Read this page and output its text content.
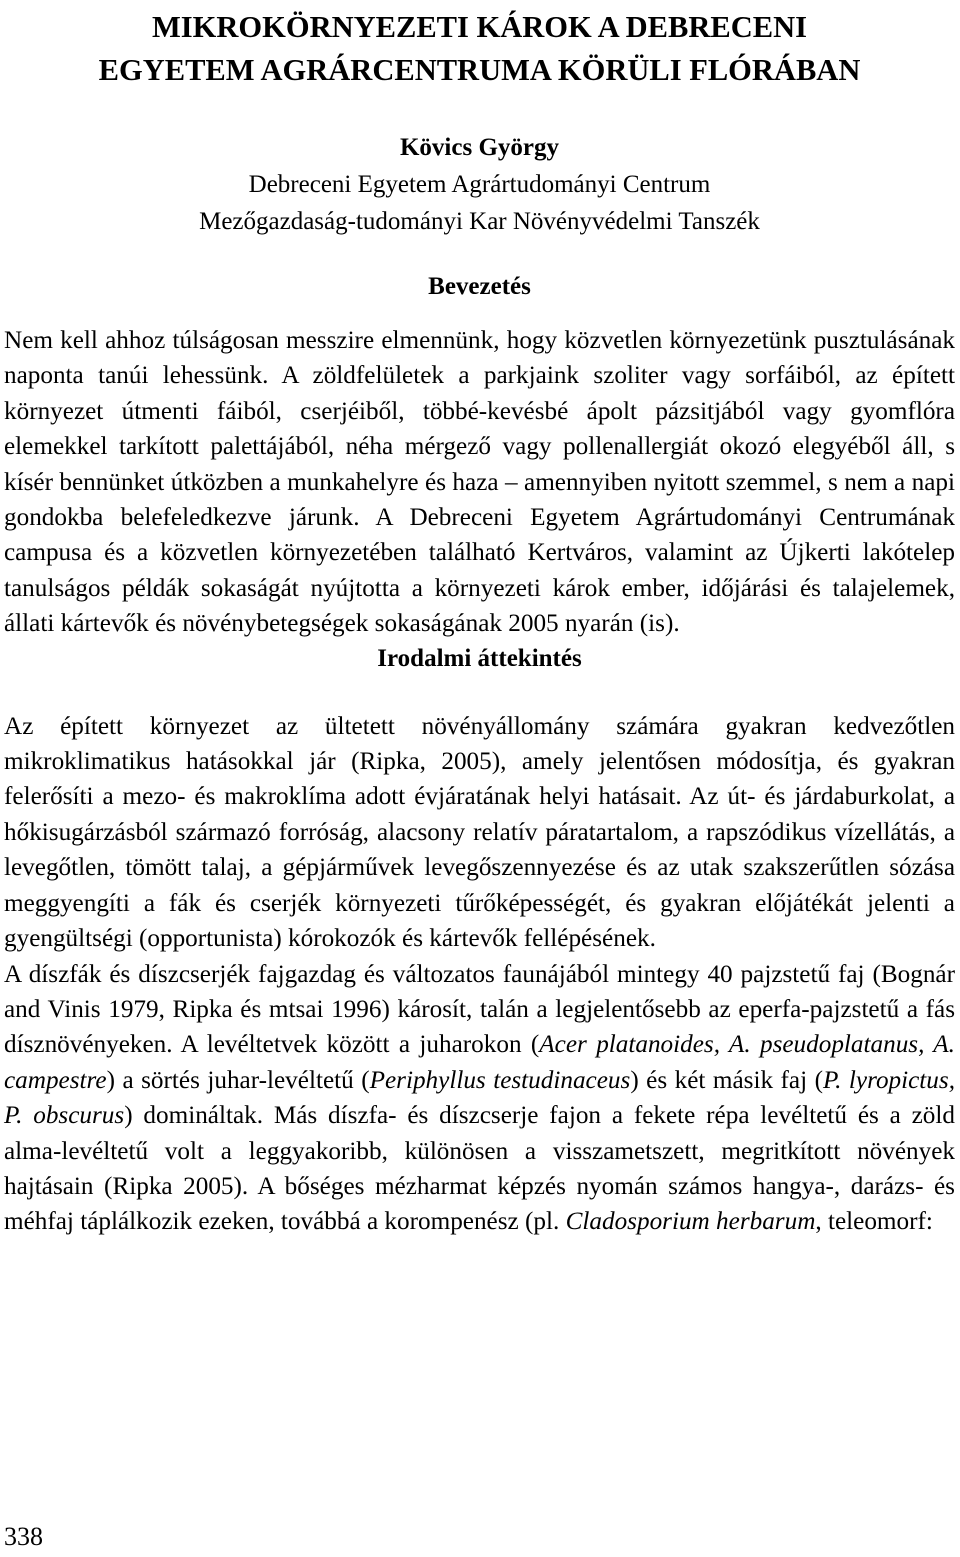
MIKROKÖRNYEZETI KÁROK A DEBRECENI
EGYETEM AGRÁRCENTRUMA KÖRÜLI FLÓRÁBAN

Kövics György

Debreceni Egyetem Agrártudományi Centrum

Mezőgazdaság-tudományi Kar Növényvédelmi Tanszék

Bevezetés

Nem kell ahhoz túlságosan messzire elmennünk, hogy közvetlen környezetünk pusztulásának naponta tanúi lehessünk. A zöldfelületek a parkjaink szoliter vagy sorfáiból, az épített környezet útmenti fáiból, cserjéiből, többé-kevésbé ápolt pázsitjából vagy gyomflóra elemekkel tarkított palettájából, néha mérgező vagy pollenallergiát okozó elegyéből áll, s kísér bennünket útközben a munkahelyre és haza – amennyiben nyitott szemmel, s nem a napi gondokba belefeledkezve járunk. A Debreceni Egyetem Agrártudományi Centrumának campusa és a közvetlen környezetében található Kertváros, valamint az Újkerti lakótelep tanulságos példák sokaságát nyújtotta a környezeti károk ember, időjárási és talajelemek, állati kártevők és növénybetegségek sokaságának 2005 nyarán (is).

Irodalmi áttekintés

Az épített környezet az ültetett növényállomány számára gyakran kedvezőtlen mikroklimatikus hatásokkal jár (Ripka, 2005), amely jelentősen módosítja, és gyakran felerősíti a mezo- és makroklíma adott évjáratának helyi hatásait. Az út- és járdaburkolat, a hőkisugárzásból származó forróság, alacsony relatív páratartalom, a rapszódikus vízellátás, a levegőtlen, tömött talaj, a gépjárművek levegőszennyezése és az utak szakszerűtlen sózása meggyengíti a fák és cserjék környezeti tűrőképességét, és gyakran előjátékát jelenti a gyengültségi (opportunista) kórokozók és kártevők fellépésének.

A díszfák és díszcserjék fajgazdag és változatos faunájából mintegy 40 pajzstetű faj (Bognár and Vinis 1979, Ripka és mtsai 1996) károsít, talán a legjelentősebb az eperfa-pajzstetű a fás dísznövényeken. A levéltetvek között a juharokon (Acer platanoides, A. pseudoplatanus, A. campestre) a sörtés juhar-levéltetű (Periphyllus testudinaceus) és két másik faj (P. lyropictus, P. obscurus) domináltak. Más díszfa- és díszcserje fajon a fekete répa levéltetű és a zöld alma-levéltetű volt a leggyakoribb, különösen a visszametszett, megritkított növények hajtásain (Ripka 2005). A bőséges mézharmat képzés nyomán számos hangya-, darázs- és méhfaj táplálkozik ezeken, továbbá a korompenész (pl. Cladosporium herbarum, teleomorf:

338
